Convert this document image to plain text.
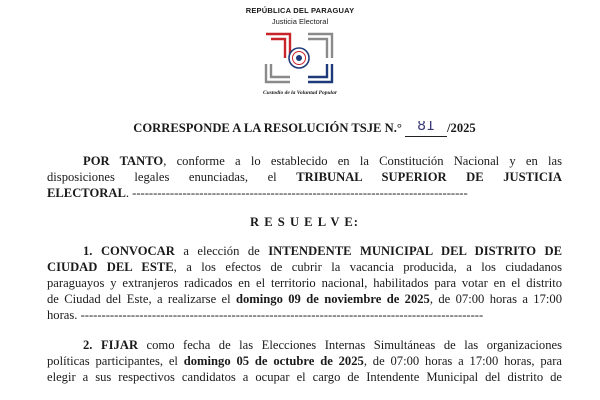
REPÚBLICA DEL PARAGUAY
Justicia Electoral
Custodio de la Voluntad Popular
CORRESPONDE A LA RESOLUCIÓN TSJE N.° 81 /2025
POR TANTO, conforme a lo establecido en la Constitución Nacional y en las
disposiciones legales enunciadas, el TRIBUNAL SUPERIOR DE JUSTICIA
ELECTORAL. --------------------------------------------------------------------------------
R E S U E L V E:
1. CONVOCAR a elección de INTENDENTE MUNICIPAL DEL DISTRITO DE
CIUDAD DEL ESTE, a los efectos de cubrir la vacancia producida, a los ciudadanos
paraguayos y extranjeros radicados en el territorio nacional, habilitados para votar en el distrito
de Ciudad del Este, a realizarse el domingo 09 de noviembre de 2025, de 07:00 horas a 17:00
horas. ------------------------------------------------------------------------------------------------
2. FIJAR como fecha de las Elecciones Internas Simultáneas de las organizaciones
políticas participantes, el domingo 05 de octubre de 2025, de 07:00 horas a 17:00 horas, para
elegir a sus respectivos candidatos a ocupar el cargo de Intendente Municipal del distrito de
